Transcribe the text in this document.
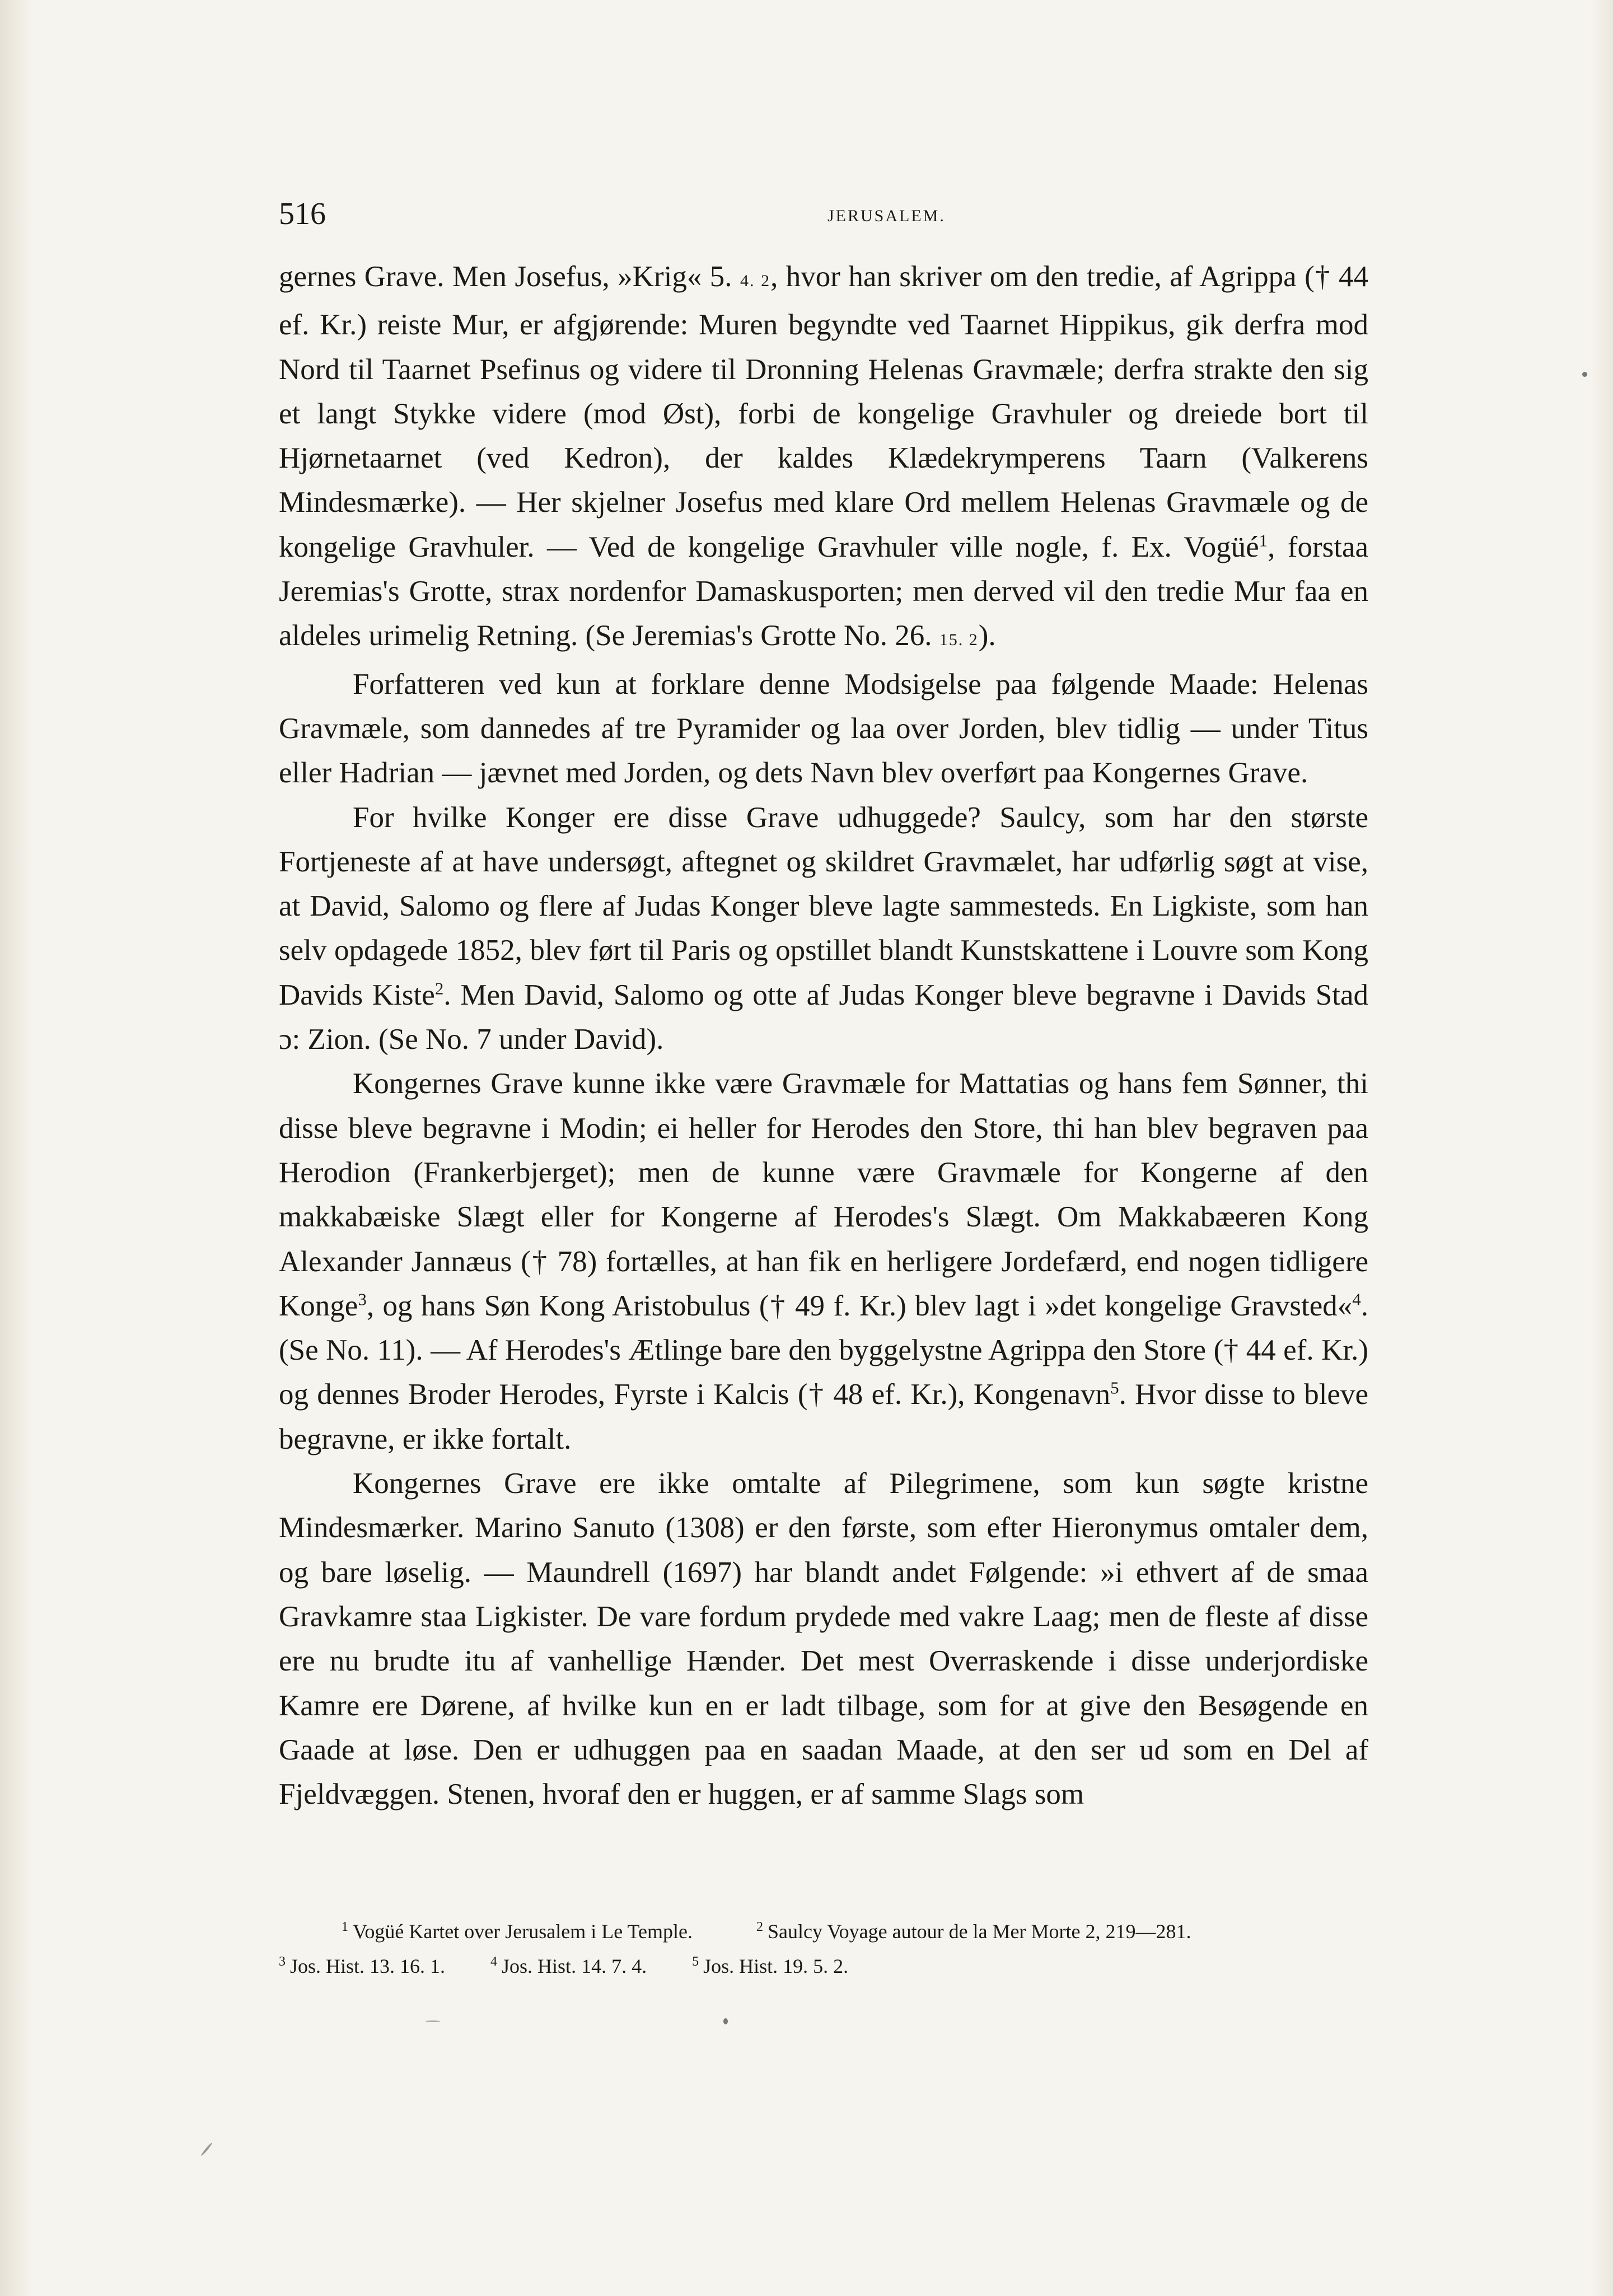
516	JERUSALEM.

gernes Grave. Men Josefus, »Krig« 5. 4. 2, hvor han skriver om den tredie, af Agrippa († 44 ef. Kr.) reiste Mur, er afgjørende: Muren begyndte ved Taarnet Hippikus, gik derfra mod Nord til Taarnet Psefinus og videre til Dronning Helenas Gravmæle; derfra strakte den sig et langt Stykke videre (mod Øst), forbi de kongelige Gravhuler og dreiede bort til Hjørnetaarnet (ved Kedron), der kaldes Klædekrymperens Taarn (Valkerens Mindesmærke). — Her skjelner Josefus med klare Ord mellem Helenas Gravmæle og de kongelige Gravhuler. — Ved de kongelige Gravhuler ville nogle, f. Ex. Vogüé$^1$, forstaa Jeremias's Grotte, strax nordenfor Damaskusporten; men derved vil den tredie Mur faa en aldeles urimelig Retning. (Se Jeremias's Grotte No. 26. 15. 2).

Forfatteren ved kun at forklare denne Modsigelse paa følgende Maade: Helenas Gravmæle, som dannedes af tre Pyramider og laa over Jorden, blev tidlig — under Titus eller Hadrian — jævnet med Jorden, og dets Navn blev overført paa Kongernes Grave.

For hvilke Konger ere disse Grave udhuggede? Saulcy, som har den største Fortjeneste af at have undersøgt, aftegnet og skildret Gravmælet, har udførlig søgt at vise, at David, Salomo og flere af Judas Konger bleve lagte sammesteds. En Ligkiste, som han selv opdagede 1852, blev ført til Paris og opstillet blandt Kunstskattene i Louvre som Kong Davids Kiste$^2$. Men David, Salomo og otte af Judas Konger bleve begravne i Davids Stad ɔ: Zion. (Se No. 7 under David).

Kongernes Grave kunne ikke være Gravmæle for Mattatias og hans fem Sønner, thi disse bleve begravne i Modin; ei heller for Herodes den Store, thi han blev begraven paa Herodion (Frankerbjerget); men de kunne være Gravmæle for Kongerne af den makkabæiske Slægt eller for Kongerne af Herodes's Slægt. Om Makkabæeren Kong Alexander Jannæus († 78) fortælles, at han fik en herligere Jordefærd, end nogen tidligere Konge$^3$, og hans Søn Kong Aristobulus († 49 f. Kr.) blev lagt i »det kongelige Gravsted«$^4$. (Se No. 11). — Af Herodes's Ætlinge bare den byggelystne Agrippa den Store († 44 ef. Kr.) og dennes Broder Herodes, Fyrste i Kalcis († 48 ef. Kr.), Kongenavn$^5$. Hvor disse to bleve begravne, er ikke fortalt.

Kongernes Grave ere ikke omtalte af Pilegrimene, som kun søgte kristne Mindesmærker. Marino Sanuto (1308) er den første, som efter Hieronymus omtaler dem, og bare løselig. — Maundrell (1697) har blandt andet Følgende: »i ethvert af de smaa Gravkamre staa Ligkister. De vare fordum prydede med vakre Laag; men de fleste af disse ere nu brudte itu af vanhellige Hænder. Det mest Overraskende i disse underjordiske Kamre ere Dørene, af hvilke kun en er ladt tilbage, som for at give den Besøgende en Gaade at løse. Den er udhuggen paa en saadan Maade, at den ser ud som en Del af Fjeldvæggen. Stenen, hvoraf den er huggen, er af samme Slags som

1 Vogüé Kartet over Jerusalem i Le Temple.	2 Saulcy Voyage autour de la Mer Morte 2, 219—281.
3 Jos. Hist. 13. 16. 1.	4 Jos. Hist. 14. 7. 4.	5 Jos. Hist. 19. 5. 2.
